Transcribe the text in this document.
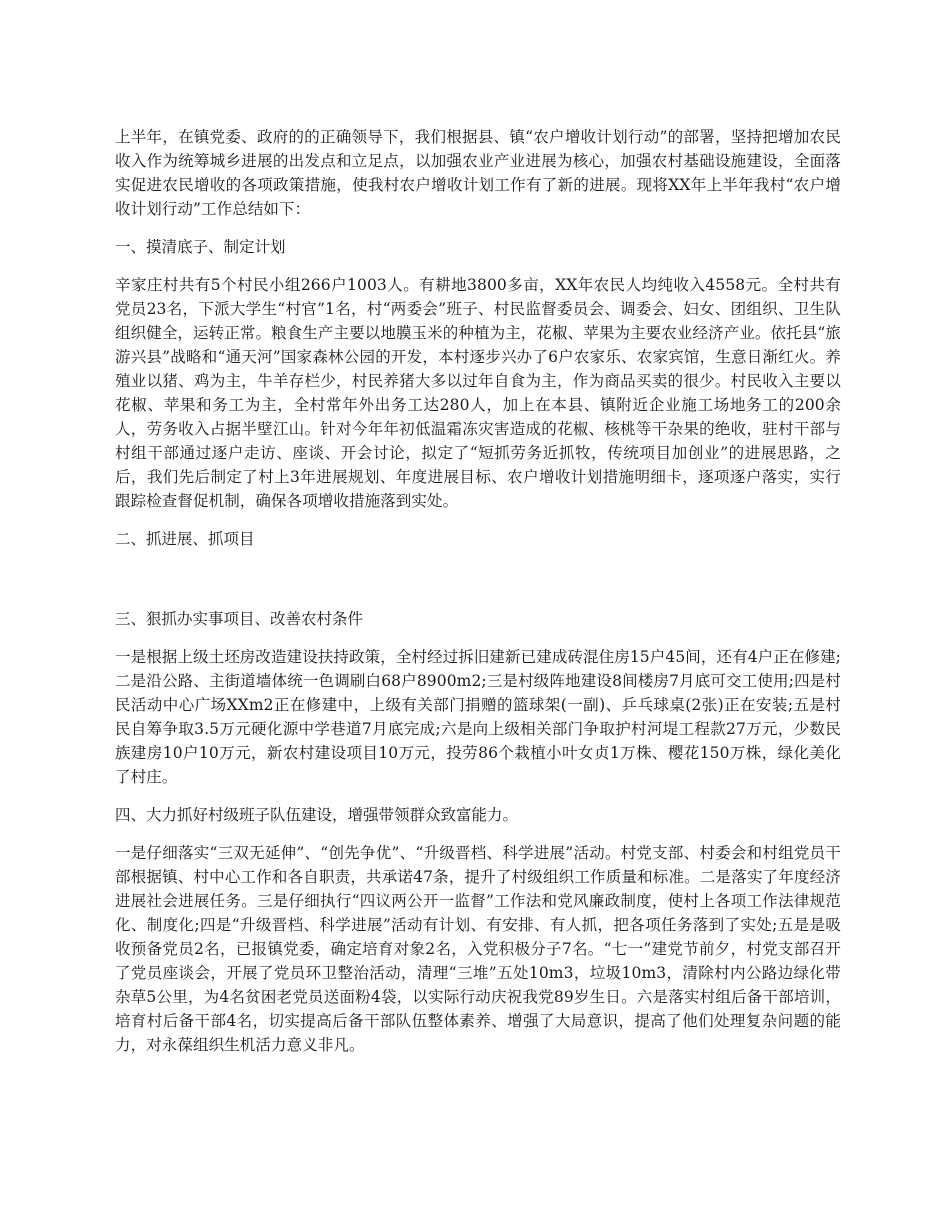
上半年，在镇党委、政府的的正确领导下，我们根据县、镇“农户增收计划行动”的部署，坚持把增加农民收入作为统筹城乡进展的出发点和立足点，以加强农业产业进展为核心，加强农村基础设施建设，全面落实促进农民增收的各项政策措施，使我村农户增收计划工作有了新的进展。现将XX年上半年我村“农户增收计划行动”工作总结如下：

一、摸清底子、制定计划

辛家庄村共有5个村民小组266户1003人。有耕地3800多亩，XX年农民人均纯收入4558元。全村共有党员23名，下派大学生“村官”1名，村“两委会”班子、村民监督委员会、调委会、妇女、团组织、卫生队组织健全，运转正常。粮食生产主要以地膜玉米的种植为主，花椒、苹果为主要农业经济产业。依托县“旅游兴县”战略和“通天河”国家森林公园的开发，本村逐步兴办了6户农家乐、农家宾馆，生意日渐红火。养殖业以猪、鸡为主，牛羊存栏少，村民养猪大多以过年自食为主，作为商品买卖的很少。村民收入主要以花椒、苹果和务工为主，全村常年外出务工达280人，加上在本县、镇附近企业施工场地务工的200余人，劳务收入占据半壁江山。针对今年年初低温霜冻灾害造成的花椒、核桃等干杂果的绝收，驻村干部与村组干部通过逐户走访、座谈、开会讨论，拟定了“短抓劳务近抓牧，传统项目加创业”的进展思路，之后，我们先后制定了村上3年进展规划、年度进展目标、农户增收计划措施明细卡，逐项逐户落实，实行跟踪检查督促机制，确保各项增收措施落到实处。

二、抓进展、抓项目

三、狠抓办实事项目、改善农村条件

一是根据上级土坯房改造建设扶持政策，全村经过拆旧建新已建成砖混住房15户45间，还有4户正在修建;二是沿公路、主街道墙体统一色调刷白68户8900m2;三是村级阵地建设8间楼房7月底可交工使用;四是村民活动中心广场XXm2正在修建中，上级有关部门捐赠的篮球架(一副)、乒乓球桌(2张)正在安装;五是村民自筹争取3.5万元硬化源中学巷道7月底完成;六是向上级相关部门争取护村河堤工程款27万元，少数民族建房10户10万元，新农村建设项目10万元，投劳86个栽植小叶女贞1万株、樱花150万株，绿化美化了村庄。

四、大力抓好村级班子队伍建设，增强带领群众致富能力。

一是仔细落实“三双无延伸”、“创先争优”、“升级晋档、科学进展”活动。村党支部、村委会和村组党员干部根据镇、村中心工作和各自职责，共承诺47条，提升了村级组织工作质量和标准。二是落实了年度经济进展社会进展任务。三是仔细执行“四议两公开一监督”工作法和党风廉政制度，使村上各项工作法律规范化、制度化;四是“升级晋档、科学进展”活动有计划、有安排、有人抓，把各项任务落到了实处;五是是吸收预备党员2名，已报镇党委，确定培育对象2名，入党积极分子7名。“七一”建党节前夕，村党支部召开了党员座谈会，开展了党员环卫整治活动，清理“三堆”五处10m3，垃圾10m3，清除村内公路边绿化带杂草5公里，为4名贫困老党员送面粉4袋，以实际行动庆祝我党89岁生日。六是落实村组后备干部培训，培育村后备干部4名，切实提高后备干部队伍整体素养、增强了大局意识，提高了他们处理复杂问题的能力，对永葆组织生机活力意义非凡。
